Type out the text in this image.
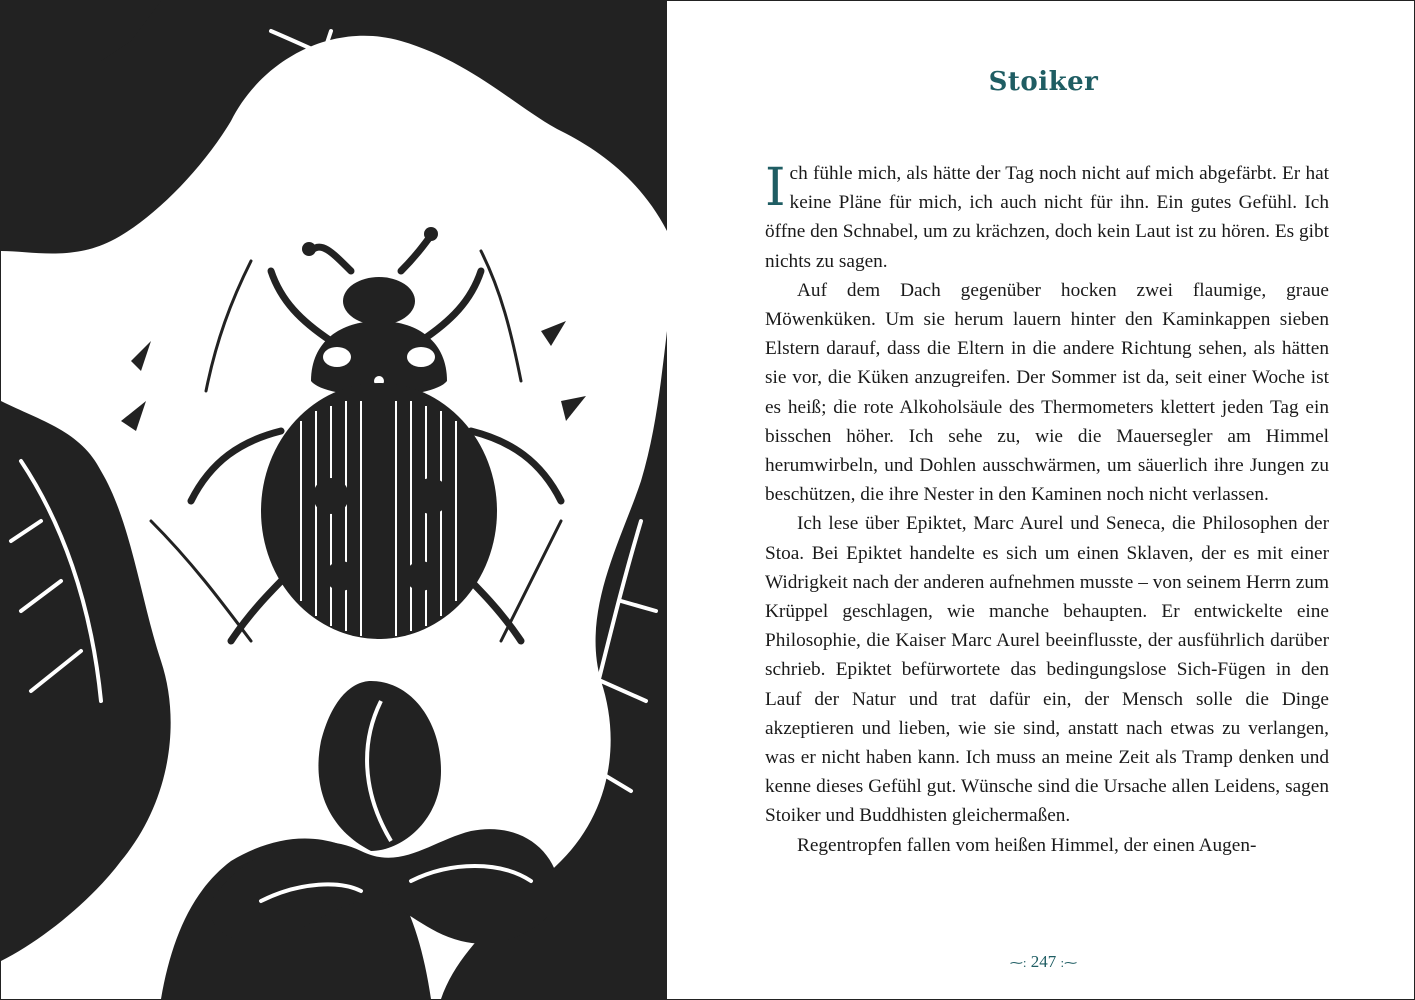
Stoiker

Ich fühle mich, als hätte der Tag noch nicht auf mich abgefärbt. Er hat keine Pläne für mich, ich auch nicht für ihn. Ein gutes Gefühl. Ich öffne den Schnabel, um zu krächzen, doch kein Laut ist zu hören. Es gibt nichts zu sagen.

Auf dem Dach gegenüber hocken zwei flaumige, graue Möwenküken. Um sie herum lauern hinter den Kaminkappen sieben Elstern darauf, dass die Eltern in die andere Richtung sehen, als hätten sie vor, die Küken anzugreifen. Der Sommer ist da, seit einer Woche ist es heiß; die rote Alkoholsäule des Thermometers klettert jeden Tag ein bisschen höher. Ich sehe zu, wie die Mauersegler am Himmel herumwirbeln, und Dohlen ausschwärmen, um säuerlich ihre Jungen zu beschützen, die ihre Nester in den Kaminen noch nicht verlassen.

Ich lese über Epiktet, Marc Aurel und Seneca, die Philosophen der Stoa. Bei Epiktet handelte es sich um einen Sklaven, der es mit einer Widrigkeit nach der anderen aufnehmen musste – von seinem Herrn zum Krüppel geschlagen, wie manche behaupten. Er entwickelte eine Philosophie, die Kaiser Marc Aurel beeinflusste, der ausführlich darüber schrieb. Epiktet befürwortete das bedingungslose Sich-Fügen in den Lauf der Natur und trat dafür ein, der Mensch solle die Dinge akzeptieren und lieben, wie sie sind, anstatt nach etwas zu verlangen, was er nicht haben kann. Ich muss an meine Zeit als Tramp denken und kenne dieses Gefühl gut. Wünsche sind die Ursache allen Leidens, sagen Stoiker und Buddhisten gleichermaßen.

Regentropfen fallen vom heißen Himmel, der einen Augen-

⁓: 247 :⁓
